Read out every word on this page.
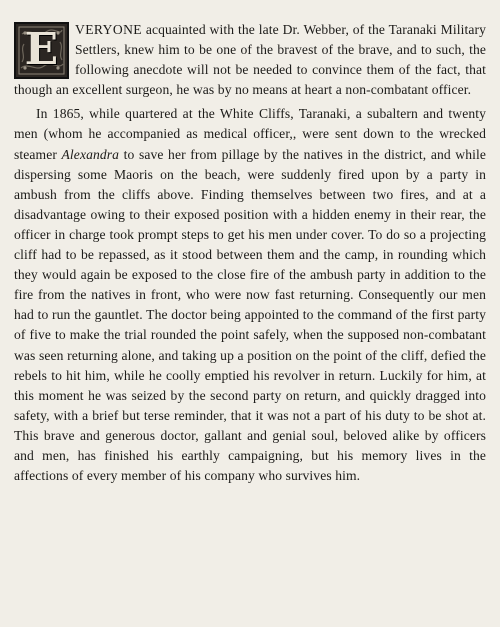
E	VERYONE acquainted with the late Dr. Webber, of the Taranaki Military Settlers, knew him to be one of the bravest of the brave, and to such, the following anecdote will not be needed to convince them of the fact, that though an excellent surgeon, he was by no means at heart a non-combatant officer.

In 1865, while quartered at the White Cliffs, Taranaki, a subaltern and twenty men (whom he accompanied as medical officer,, were sent down to the wrecked steamer Alexandra to save her from pillage by the natives in the district, and while dispersing some Maoris on the beach, were suddenly fired upon by a party in ambush from the cliffs above. Finding themselves between two fires, and at a disadvantage owing to their exposed position with a hidden enemy in their rear, the officer in charge took prompt steps to get his men under cover. To do so a projecting cliff had to be repassed, as it stood between them and the camp, in rounding which they would again be exposed to the close fire of the ambush party in addition to the fire from the natives in front, who were now fast returning. Consequently our men had to run the gauntlet. The doctor being appointed to the command of the first party of five to make the trial rounded the point safely, when the supposed non-combatant was seen returning alone, and taking up a position on the point of the cliff, defied the rebels to hit him, while he coolly emptied his revolver in return. Luckily for him, at this moment he was seized by the second party on return, and quickly dragged into safety, with a brief but terse reminder, that it was not a part of his duty to be shot at. This brave and generous doctor, gallant and genial soul, beloved alike by officers and men, has finished his earthly campaigning, but his memory lives in the affections of every member of his company who survives him.
